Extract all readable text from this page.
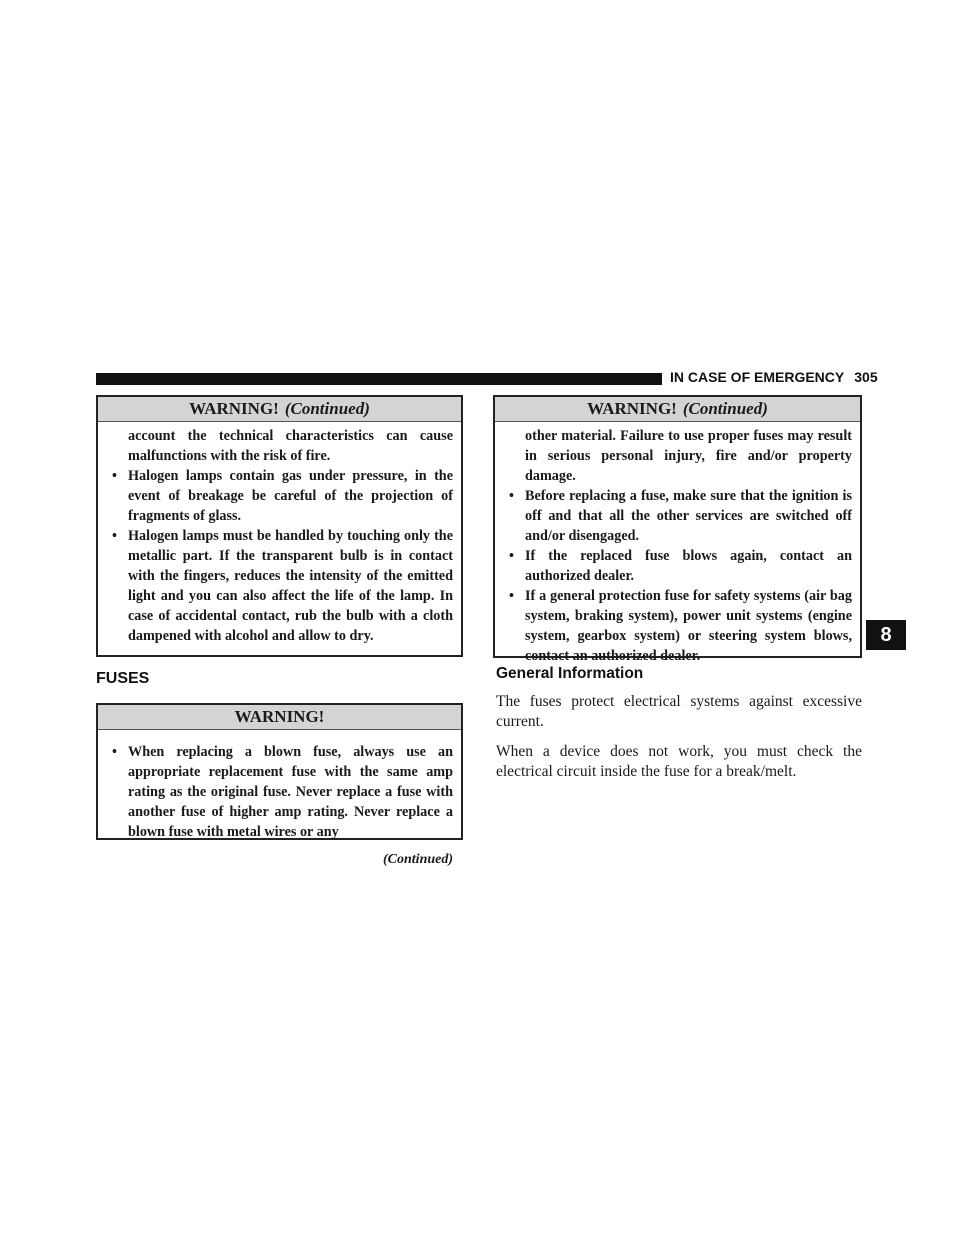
IN CASE OF EMERGENCY 305
WARNING! (Continued)

account the technical characteristics can cause malfunctions with the risk of fire.

• Halogen lamps contain gas under pressure, in the event of breakage be careful of the projection of fragments of glass.

• Halogen lamps must be handled by touching only the metallic part. If the transparent bulb is in contact with the fingers, reduces the intensity of the emitted light and you can also affect the life of the lamp. In case of accidental contact, rub the bulb with a cloth dampened with alcohol and allow to dry.

FUSES
WARNING!

• When replacing a blown fuse, always use an appropriate replacement fuse with the same amp rating as the original fuse. Never replace a fuse with another fuse of higher amp rating. Never replace a blown fuse with metal wires or any

(Continued)
WARNING! (Continued)

other material. Failure to use proper fuses may result in serious personal injury, fire and/or property damage.

• Before replacing a fuse, make sure that the ignition is off and that all the other services are switched off and/or disengaged.

• If the replaced fuse blows again, contact an authorized dealer.

• If a general protection fuse for safety systems (air bag system, braking system), power unit systems (engine system, gearbox system) or steering system blows, contact an authorized dealer.

General Information

The fuses protect electrical systems against excessive current.

When a device does not work, you must check the electrical circuit inside the fuse for a break/melt.

8
